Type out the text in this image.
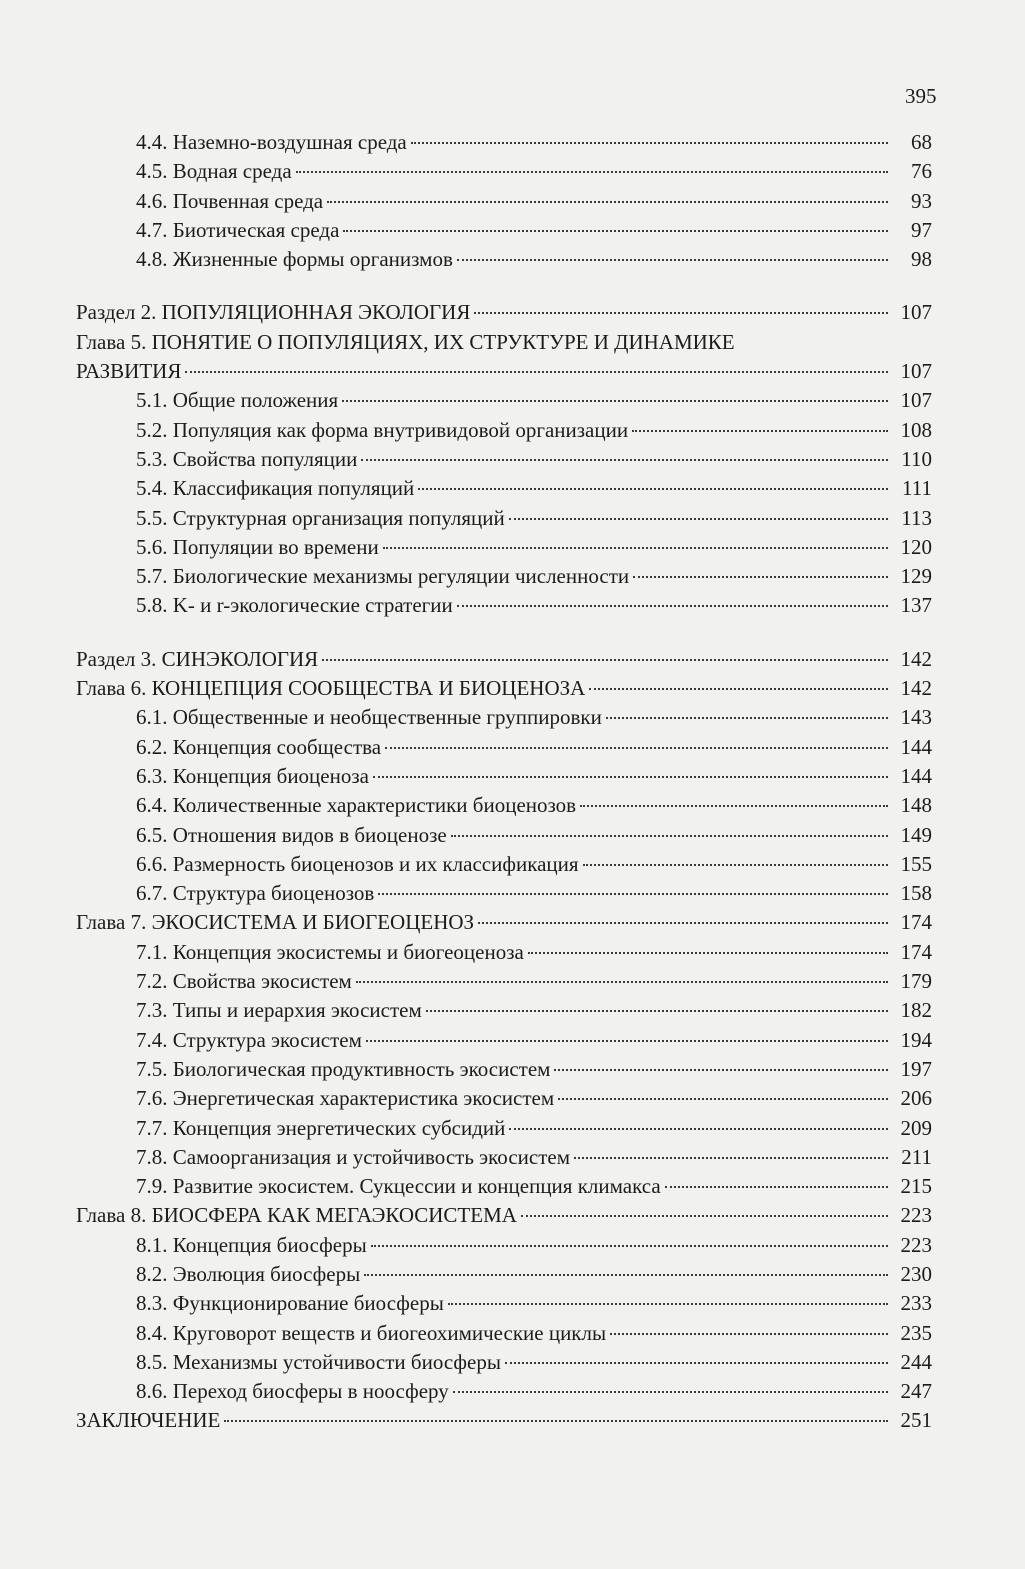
395
4.4. Наземно-воздушная среда	68
4.5. Водная среда	76
4.6. Почвенная среда	93
4.7. Биотическая среда	97
4.8. Жизненные формы организмов	98
Раздел 2. ПОПУЛЯЦИОННАЯ ЭКОЛОГИЯ	107
Глава 5. ПОНЯТИЕ О ПОПУЛЯЦИЯХ, ИХ СТРУКТУРЕ И ДИНАМИКЕ
РАЗВИТИЯ	107
5.1. Общие положения	107
5.2. Популяция как форма внутривидовой организации	108
5.3. Свойства популяции	110
5.4. Классификация популяций	111
5.5. Структурная организация популяций	113
5.6. Популяции во времени	120
5.7. Биологические механизмы регуляции численности	129
5.8. K- и r-экологические стратегии	137
Раздел 3. СИНЭКОЛОГИЯ	142
Глава 6. КОНЦЕПЦИЯ СООБЩЕСТВА И БИОЦЕНОЗА	142
6.1. Общественные и необщественные группировки	143
6.2. Концепция сообщества	144
6.3. Концепция биоценоза	144
6.4. Количественные характеристики биоценозов	148
6.5. Отношения видов в биоценозе	149
6.6. Размерность биоценозов и их классификация	155
6.7. Структура биоценозов	158
Глава 7. ЭКОСИСТЕМА И БИОГЕОЦЕНОЗ	174
7.1. Концепция экосистемы и биогеоценоза	174
7.2. Свойства экосистем	179
7.3. Типы и иерархия экосистем	182
7.4. Структура экосистем	194
7.5. Биологическая продуктивность экосистем	197
7.6. Энергетическая характеристика экосистем	206
7.7. Концепция энергетических субсидий	209
7.8. Самоорганизация и устойчивость экосистем	211
7.9. Развитие экосистем. Сукцессии и концепция климакса	215
Глава 8. БИОСФЕРА КАК МЕГАЭКОСИСТЕМА	223
8.1. Концепция биосферы	223
8.2. Эволюция биосферы	230
8.3. Функционирование биосферы	233
8.4. Круговорот веществ и биогеохимические циклы	235
8.5. Механизмы устойчивости биосферы	244
8.6. Переход биосферы в ноосферу	247
ЗАКЛЮЧЕНИЕ	251
